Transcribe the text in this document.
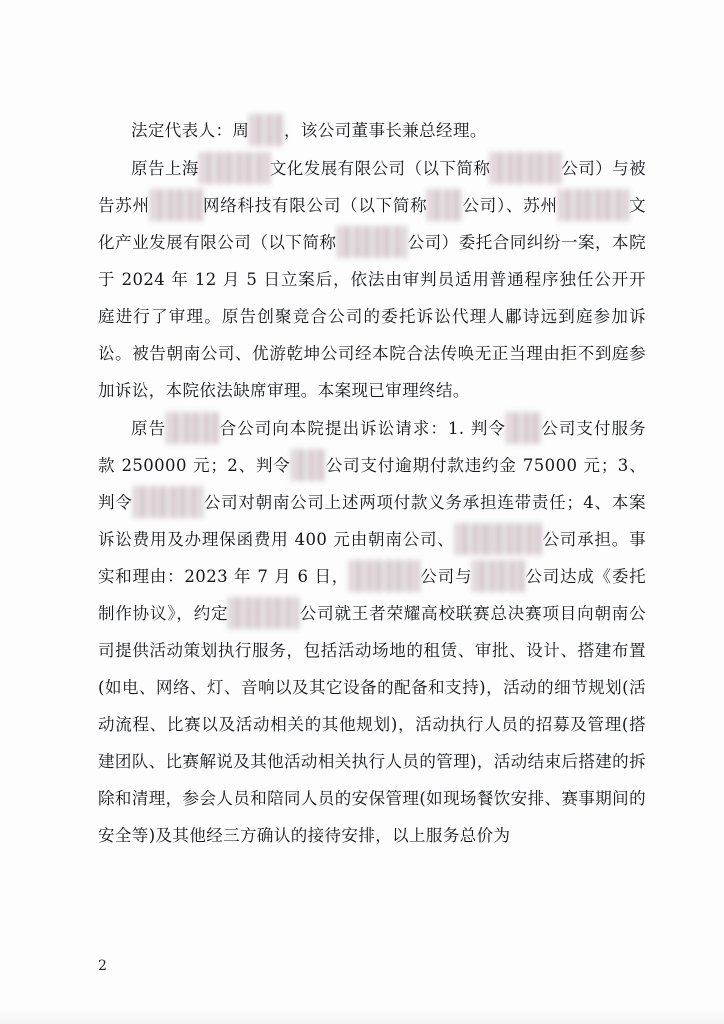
法定代表人：周　 ，该公司董事长兼总经理。

原告上海　	文化发展有限公司（以下简称　	公司）与被告苏州　	网络科技有限公司（以下简称　 公司）、苏州　	文化产业发展有限公司（以下简称　	公司）委托合同纠纷一案，本院于 2024 年 12 月 5 日立案后，依法由审判员适用普通程序独任公开开庭进行了审理。原告创聚竞合公司的委托诉讼代理人鄘诗远到庭参加诉讼。被告朝南公司、优游乾坤公司经本院合法传唤无正当理由拒不到庭参加诉讼，本院依法缺席审理。本案现已审理终结。

原告　	合公司向本院提出诉讼请求：1. 判令　 公司支付服务款 250000 元；2、判令　 公司支付逾期付款违约金 75000 元；3、判令　	公司对朝南公司上述两项付款义务承担连带责任；4、本案诉讼费用及办理保函费用 400 元由朝南公司、　　	公司承担。事实和理由：2023 年 7 月 6 日，　	公司与　	公司达成《委托制作协议》，约定　	公司就王者荣耀高校联赛总决赛项目向朝南公司提供活动策划执行服务，包括活动场地的租赁、审批、设计、搭建布置(如电、网络、灯、音响以及其它设备的配备和支持)，活动的细节规划(活动流程、比赛以及活动相关的其他规划)，活动执行人员的招募及管理(搭建团队、比赛解说及其他活动相关执行人员的管理)，活动结束后搭建的拆除和清理，参会人员和陪同人员的安保管理(如现场餐饮安排、赛事期间的安全等)及其他经三方确认的接待安排，以上服务总价为

2
